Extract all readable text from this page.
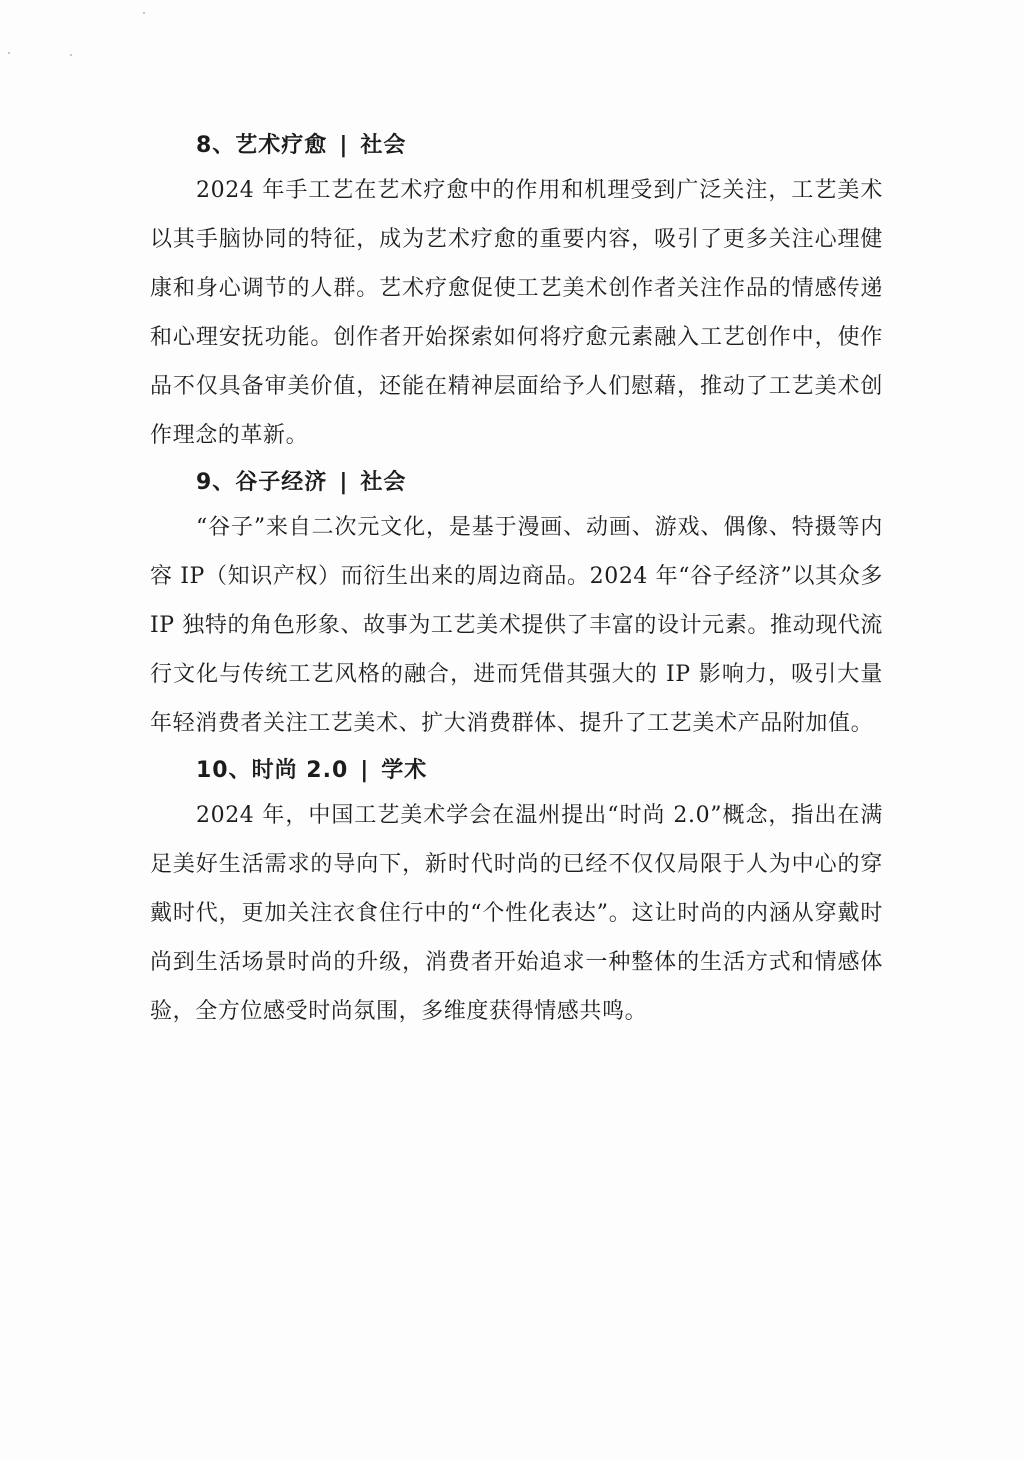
8、艺术疗愈 | 社会

2024 年手工艺在艺术疗愈中的作用和机理受到广泛关注，工艺美术以其手脑协同的特征，成为艺术疗愈的重要内容，吸引了更多关注心理健康和身心调节的人群。艺术疗愈促使工艺美术创作者关注作品的情感传递和心理安抚功能。创作者开始探索如何将疗愈元素融入工艺创作中，使作品不仅具备审美价值，还能在精神层面给予人们慰藉，推动了工艺美术创作理念的革新。

9、谷子经济 | 社会

“谷子”来自二次元文化，是基于漫画、动画、游戏、偶像、特摄等内容 IP（知识产权）而衍生出来的周边商品。2024 年“谷子经济”以其众多 IP 独特的角色形象、故事为工艺美术提供了丰富的设计元素。推动现代流行文化与传统工艺风格的融合，进而凭借其强大的 IP 影响力，吸引大量年轻消费者关注工艺美术、扩大消费群体、提升了工艺美术产品附加值。

10、时尚 2.0 | 学术

2024 年，中国工艺美术学会在温州提出“时尚 2.0”概念，指出在满足美好生活需求的导向下，新时代时尚的已经不仅仅局限于人为中心的穿戴时代，更加关注衣食住行中的“个性化表达”。这让时尚的内涵从穿戴时尚到生活场景时尚的升级，消费者开始追求一种整体的生活方式和情感体验，全方位感受时尚氛围，多维度获得情感共鸣。
